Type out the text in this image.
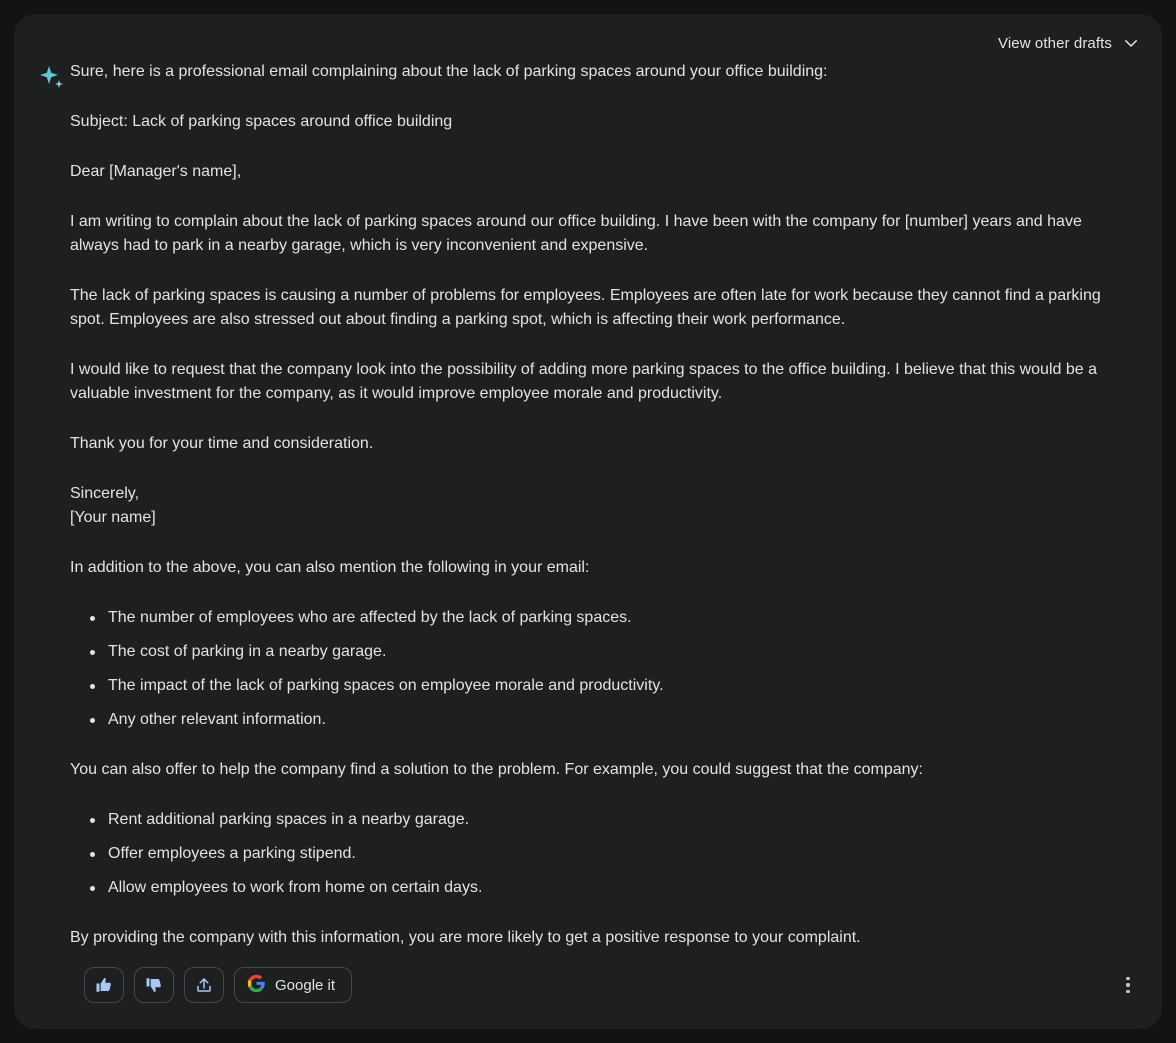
View other drafts

Sure, here is a professional email complaining about the lack of parking spaces around your office building:

Subject: Lack of parking spaces around office building

Dear [Manager's name],

I am writing to complain about the lack of parking spaces around our office building. I have been with the company for [number] years and have always had to park in a nearby garage, which is very inconvenient and expensive.

The lack of parking spaces is causing a number of problems for employees. Employees are often late for work because they cannot find a parking spot. Employees are also stressed out about finding a parking spot, which is affecting their work performance.

I would like to request that the company look into the possibility of adding more parking spaces to the office building. I believe that this would be a valuable investment for the company, as it would improve employee morale and productivity.

Thank you for your time and consideration.

Sincerely,

[Your name]

In addition to the above, you can also mention the following in your email:

The number of employees who are affected by the lack of parking spaces.
The cost of parking in a nearby garage.
The impact of the lack of parking spaces on employee morale and productivity.
Any other relevant information.

You can also offer to help the company find a solution to the problem. For example, you could suggest that the company:

Rent additional parking spaces in a nearby garage.
Offer employees a parking stipend.
Allow employees to work from home on certain days.

By providing the company with this information, you are more likely to get a positive response to your complaint.

Google it
